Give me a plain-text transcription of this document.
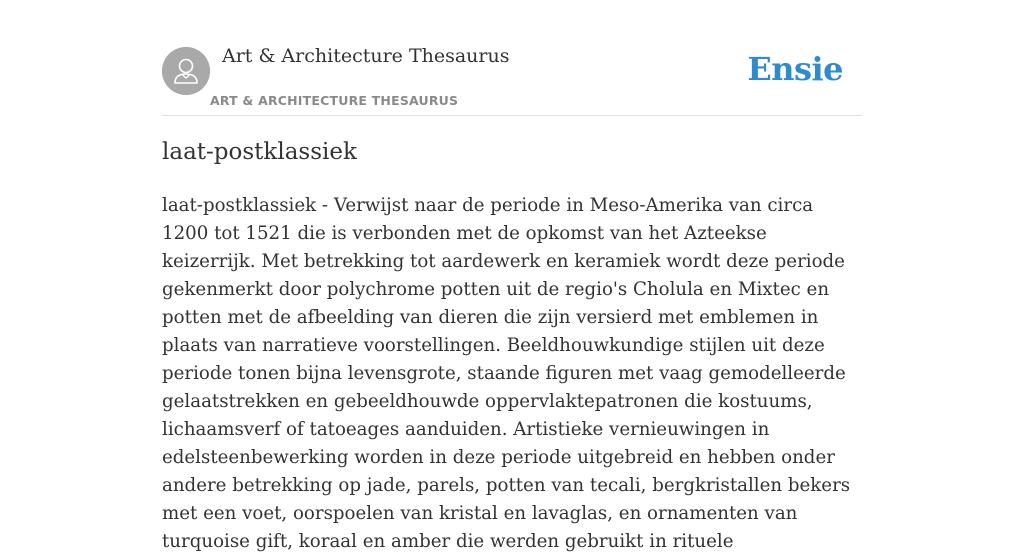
Art & Architecture Thesaurus
ART & ARCHITECTURE THESAURUS
Ensie
laat-postklassiek

laat-postklassiek - Verwijst naar de periode in Meso-Amerika van circa 1200 tot 1521 die is verbonden met de opkomst van het Azteekse keizerrijk. Met betrekking tot aardewerk en keramiek wordt deze periode gekenmerkt door polychrome potten uit de regio's Cholula en Mixtec en potten met de afbeelding van dieren die zijn versierd met emblemen in plaats van narratieve voorstellingen. Beeldhouwkundige stijlen uit deze periode tonen bijna levensgrote, staande figuren met vaag gemodelleerde gelaatstrekken en gebeeldhouwde oppervlaktepatronen die kostuums, lichaamsverf of tatoeages aanduiden. Artistieke vernieuwingen in edelsteenbewerking worden in deze periode uitgebreid en hebben onder andere betrekking op jade, parels, potten van tecali, bergkristallen bekers met een voet, oorspoelen van kristal en lavaglas, en ornamenten van turquoise gift, koraal en amber die werden gebruikt in rituele
